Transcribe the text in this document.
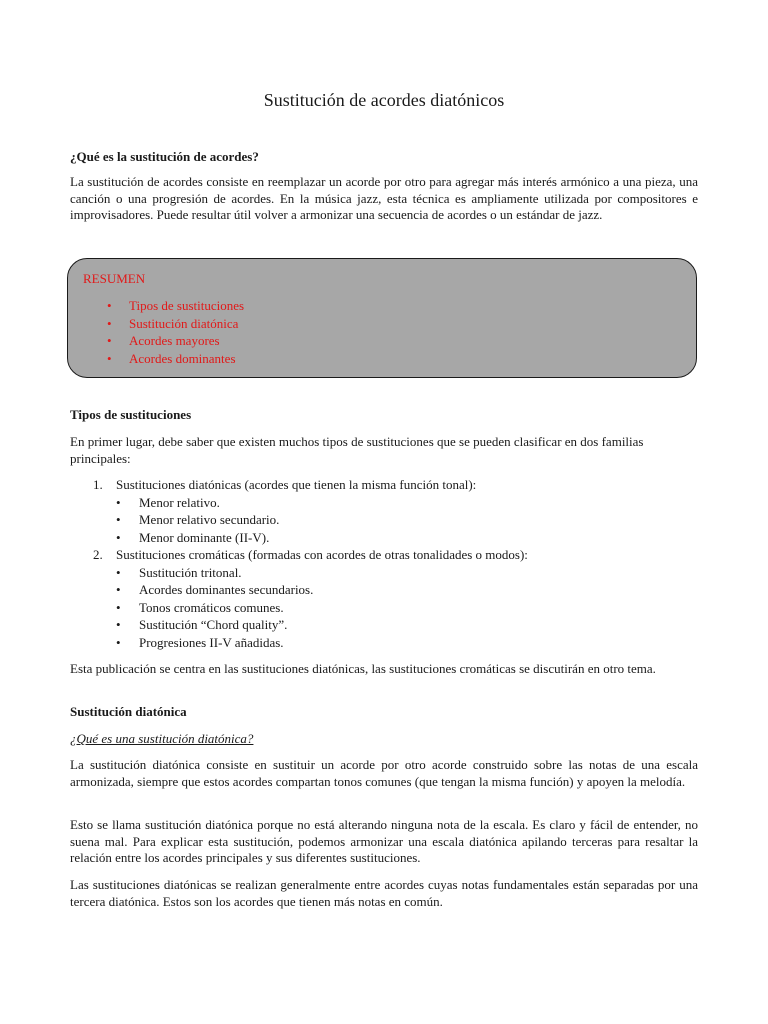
Sustitución de acordes diatónicos
¿Qué es la sustitución de acordes?
La sustitución de acordes consiste en reemplazar un acorde por otro para agregar más interés armónico a una pieza, una canción o una progresión de acordes. En la música jazz, esta técnica es ampliamente utilizada por compositores e improvisadores. Puede resultar útil volver a armonizar una secuencia de acordes o un estándar de jazz.
Tipos de sustituciones
En primer lugar, debe saber que existen muchos tipos de sustituciones que se pueden clasificar en dos familias principales:
1. Sustituciones diatónicas (acordes que tienen la misma función tonal):
• Menor relativo.
• Menor relativo secundario.
• Menor dominante (II-V).
2. Sustituciones cromáticas (formadas con acordes de otras tonalidades o modos):
• Sustitución tritonal.
• Acordes dominantes secundarios.
• Tonos cromáticos comunes.
• Sustitución “Chord quality”.
• Progresiones II-V añadidas.
Esta publicación se centra en las sustituciones diatónicas, las sustituciones cromáticas se discutirán en otro tema.
Sustitución diatónica
¿Qué es una sustitución diatónica?
La sustitución diatónica consiste en sustituir un acorde por otro acorde construido sobre las notas de una escala armonizada, siempre que estos acordes compartan tonos comunes (que tengan la misma función) y apoyen la melodía.
Esto se llama sustitución diatónica porque no está alterando ninguna nota de la escala. Es claro y fácil de entender, no suena mal. Para explicar esta sustitución, podemos armonizar una escala diatónica apilando terceras para resaltar la relación entre los acordes principales y sus diferentes sustituciones.
Las sustituciones diatónicas se realizan generalmente entre acordes cuyas notas fundamentales están separadas por una tercera diatónica. Estos son los acordes que tienen más notas en común.
RESUMEN
• Tipos de sustituciones
• Sustitución diatónica
• Acordes mayores
• Acordes dominantes
